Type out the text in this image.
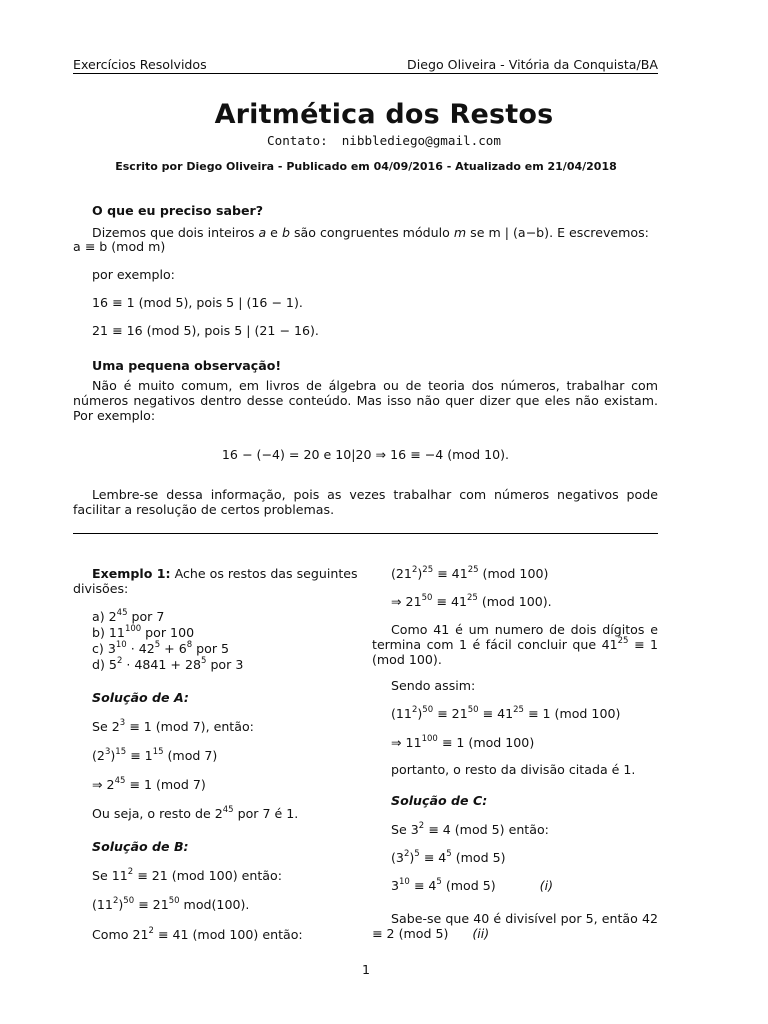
Exercícios Resolvidos	Diego Oliveira - Vitória da Conquista/BA
Aritmética dos Restos
Contato: nibblediego@gmail.com
Escrito por Diego Oliveira - Publicado em 04/09/2016 - Atualizado em 21/04/2018
O que eu preciso saber?
Dizemos que dois inteiros a e b são congruentes módulo m se m | (a−b). E escrevemos:
a ≡ b (mod m)
por exemplo:
16 ≡ 1 (mod 5), pois 5 | (16 − 1).
21 ≡ 16 (mod 5), pois 5 | (21 − 16).
Uma pequena observação!
Não é muito comum, em livros de álgebra ou de teoria dos números, trabalhar com números negativos dentro desse conteúdo. Mas isso não quer dizer que eles não existam. Por exemplo:
16 − (−4) = 20 e 10|20 ⇒ 16 ≡ −4 (mod 10).
Lembre-se dessa informação, pois as vezes trabalhar com números negativos pode facilitar a resolução de certos problemas.
Exemplo 1: Ache os restos das seguintes divisões:
a) $2^{45}$ por 7
b) $11^{100}$ por 100
c) $3^{10} \cdot 42^5 + 6^8$ por 5
d) $5^2 \cdot 4841 + 28^5$ por 3
Solução de A:
Se $2^3 \equiv 1$ (mod 7), então:
$(2^3)^{15} \equiv 1^{15}$ (mod 7)
⇒ $2^{45} \equiv 1$ (mod 7)
Ou seja, o resto de $2^{45}$ por 7 é 1.
Solução de B:
Se $11^2 \equiv 21$ (mod 100) então:
$(11^2)^{50} \equiv 21^{50}$ mod(100).
Como $21^2 \equiv 41$ (mod 100) então:
$(21^2)^{25} \equiv 41^{25}$ (mod 100)
⇒ $21^{50} \equiv 41^{25}$ (mod 100).
Como 41 é um numero de dois dígitos e termina com 1 é fácil concluir que $41^{25} \equiv 1$ (mod 100).
Sendo assim:
$(11^2)^{50} \equiv 21^{50} \equiv 41^{25} \equiv 1$ (mod 100)
⇒ $11^{100} \equiv 1$ (mod 100)
portanto, o resto da divisão citada é 1.
Solução de C:
Se $3^2 \equiv 4$ (mod 5) então:
$(3^2)^5 \equiv 4^5$ (mod 5)
$3^{10} \equiv 4^5$ (mod 5)	(i)
Sabe-se que 40 é divisível por 5, então 42 ≡ 2 (mod 5) (ii)
1
